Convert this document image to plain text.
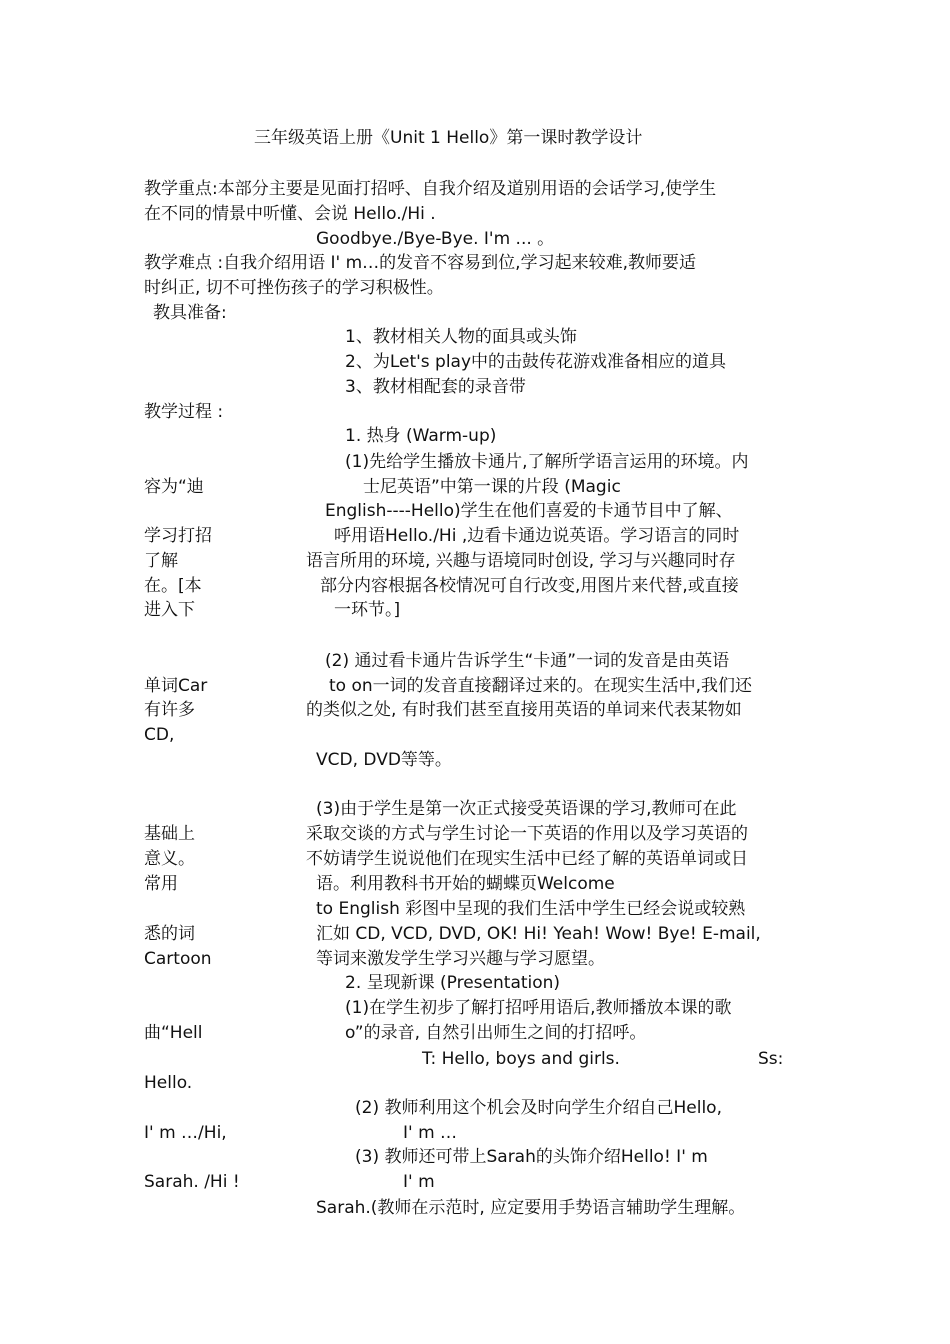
三年级英语上册《Unit 1 Hello》第一课时教学设计
教学重点:本部分主要是见面打招呼、自我介绍及道别用语的会话学习,使学生
在不同的情景中听懂、会说 Hello./Hi .
Goodbye./Bye-Bye. I'm ... 。
教学难点 :自我介绍用语 I' m…的发音不容易到位,学习起来较难,教师要适
时纠正, 切不可挫伤孩子的学习积极性。
教具准备:
1、教材相关人物的面具或头饰
2、为Let's play中的击鼓传花游戏准备相应的道具
3、教材相配套的录音带
教学过程 :
1. 热身 (Warm-up)
(1)先给学生播放卡通片,了解所学语言运用的环境。内
容为“迪	士尼英语”中第一课的片段 (Magic
English----Hello)学生在他们喜爱的卡通节目中了解、
学习打招	呼用语Hello./Hi ,边看卡通边说英语。学习语言的同时
了解	语言所用的环境, 兴趣与语境同时创设, 学习与兴趣同时存
在。[本	部分内容根据各校情况可自行改变,用图片来代替,或直接
进入下	一环节。]
(2) 通过看卡通片告诉学生“卡通”一词的发音是由英语
单词Car	to on一词的发音直接翻译过来的。在现实生活中,我们还
有许多	的类似之处, 有时我们甚至直接用英语的单词来代表某物如
CD,
VCD, DVD等等。
(3)由于学生是第一次正式接受英语课的学习,教师可在此
基础上	采取交谈的方式与学生讨论一下英语的作用以及学习英语的
意义。	不妨请学生说说他们在现实生活中已经了解的英语单词或日
常用	语。利用教科书开始的蝴蝶页Welcome
to English 彩图中呈现的我们生活中学生已经会说或较熟
悉的词	汇如 CD, VCD, DVD, OK! Hi! Yeah! Wow! Bye! E-mail,
Cartoon	等词来激发学生学习兴趣与学习愿望。
2. 呈现新课 (Presentation)
(1)在学生初步了解打招呼用语后,教师播放本课的歌
曲“Hell	o”的录音, 自然引出师生之间的打招呼。
T: Hello, boys and girls.	Ss:
Hello.
(2) 教师利用这个机会及时向学生介绍自己Hello,
I' m …/Hi,	I' m …
(3) 教师还可带上Sarah的头饰介绍Hello! I' m
Sarah. /Hi !	I' m
Sarah.(教师在示范时, 应定要用手势语言辅助学生理解。
